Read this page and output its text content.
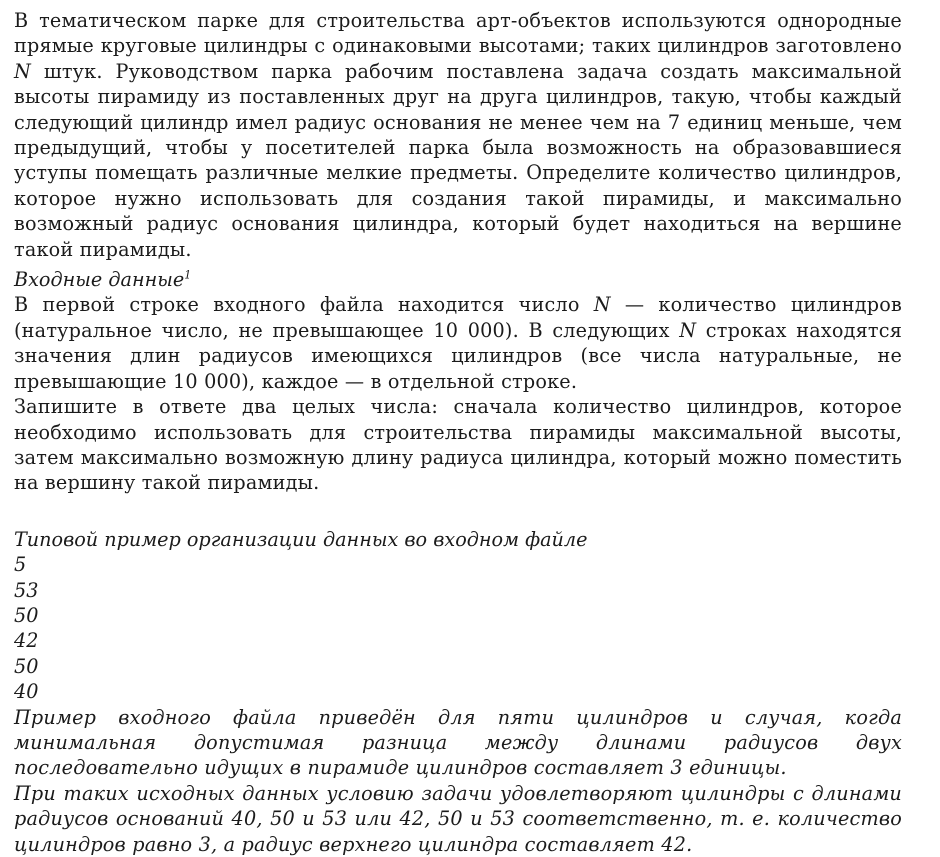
В тематическом парке для строительства арт-объектов используются однородные прямые круговые цилиндры с одинаковыми высотами; таких цилиндров заготовлено N штук. Руководством парка рабочим поставлена задача создать максимальной высоты пирамиду из поставленных друг на друга цилиндров, такую, чтобы каждый следующий цилиндр имел радиус основания не менее чем на 7 единиц меньше, чем предыдущий, чтобы у посетителей парка была возможность на образовавшиеся уступы помещать различные мелкие предметы. Определите количество цилиндров, которое нужно использовать для создания такой пирамиды, и максимально возможный радиус основания цилиндра, который будет находиться на вершине такой пирамиды.

Входные данные$^1$

В первой строке входного файла находится число N — количество цилиндров (натуральное число, не превышающее 10 000). В следующих N строках находятся значения длин радиусов имеющихся цилиндров (все числа натуральные, не превышающие 10 000), каждое — в отдельной строке.

Запишите в ответе два целых числа: сначала количество цилиндров, которое необходимо использовать для строительства пирамиды максимальной высоты, затем максимально возможную длину радиуса цилиндра, который можно поместить на вершину такой пирамиды.

Типовой пример организации данных во входном файле
5
53
50
42
50
40

Пример входного файла приведён для пяти цилиндров и случая, когда минимальная допустимая разница между длинами радиусов двух последовательно идущих в пирамиде цилиндров составляет 3 единицы.

При таких исходных данных условию задачи удовлетворяют цилиндры с длинами радиусов оснований 40, 50 и 53 или 42, 50 и 53 соответственно, т. е. количество цилиндров равно 3, а радиус верхнего цилиндра составляет 42.
